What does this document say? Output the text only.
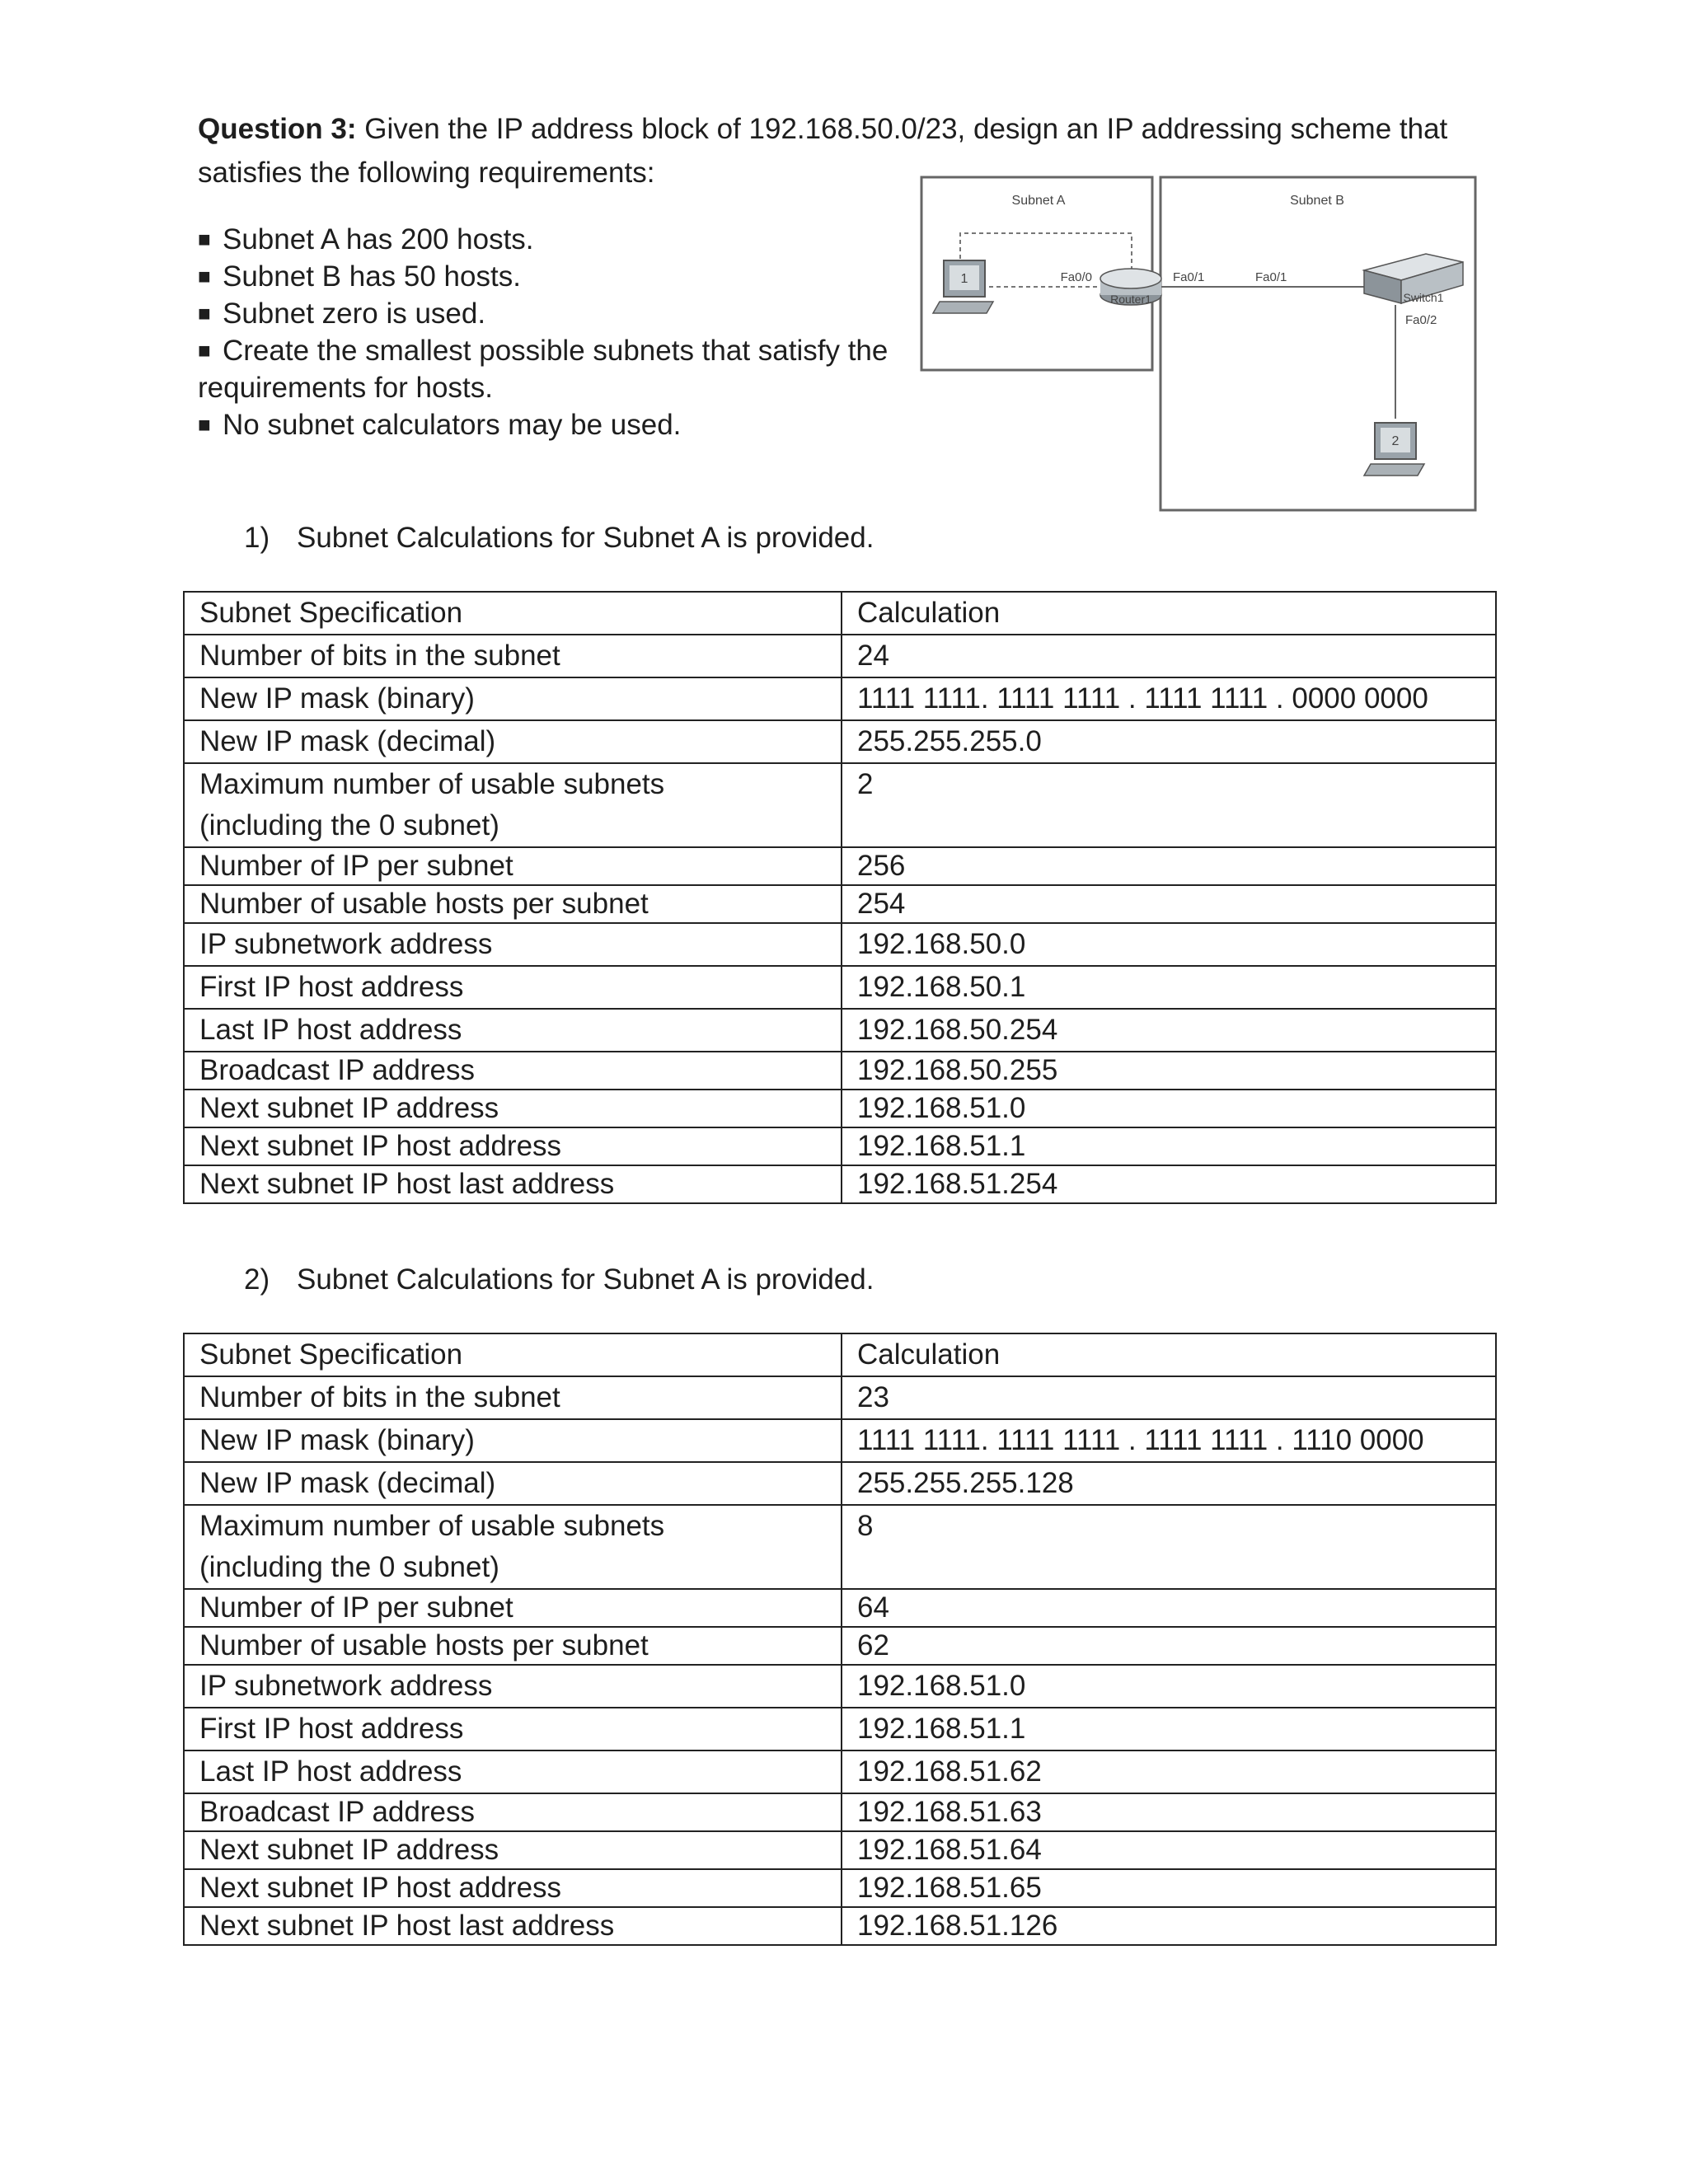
Question 3: Given the IP address block of 192.168.50.0/23, design an IP addressing scheme that satisfies the following requirements:
■ Subnet A has 200 hosts.
■ Subnet B has 50 hosts.
■ Subnet zero is used.
■ Create the smallest possible subnets that satisfy the requirements for hosts.
■ No subnet calculators may be used.
Subnet A	Subnet B
1
Router1
Fa0/0	Fa0/1	Fa0/1
Switch1
Fa0/2
2
1) Subnet Calculations for Subnet A is provided.
Subnet Specification	Calculation
Number of bits in the subnet	24
New IP mask (binary)	1111 1111. 1111 1111 . 1111 1111 . 0000 0000
New IP mask (decimal)	255.255.255.0
Maximum number of usable subnets
(including the 0 subnet)	2
Number of IP per subnet	256
Number of usable hosts per subnet	254
IP subnetwork address	192.168.50.0
First IP host address	192.168.50.1
Last IP host address	192.168.50.254
Broadcast IP address	192.168.50.255
Next subnet IP address	192.168.51.0
Next subnet IP host address	192.168.51.1
Next subnet IP host last address	192.168.51.254
2) Subnet Calculations for Subnet A is provided.
Subnet Specification	Calculation
Number of bits in the subnet	23
New IP mask (binary)	1111 1111. 1111 1111 . 1111 1111 . 1110 0000
New IP mask (decimal)	255.255.255.128
Maximum number of usable subnets
(including the 0 subnet)	8
Number of IP per subnet	64
Number of usable hosts per subnet	62
IP subnetwork address	192.168.51.0
First IP host address	192.168.51.1
Last IP host address	192.168.51.62
Broadcast IP address	192.168.51.63
Next subnet IP address	192.168.51.64
Next subnet IP host address	192.168.51.65
Next subnet IP host last address	192.168.51.126
